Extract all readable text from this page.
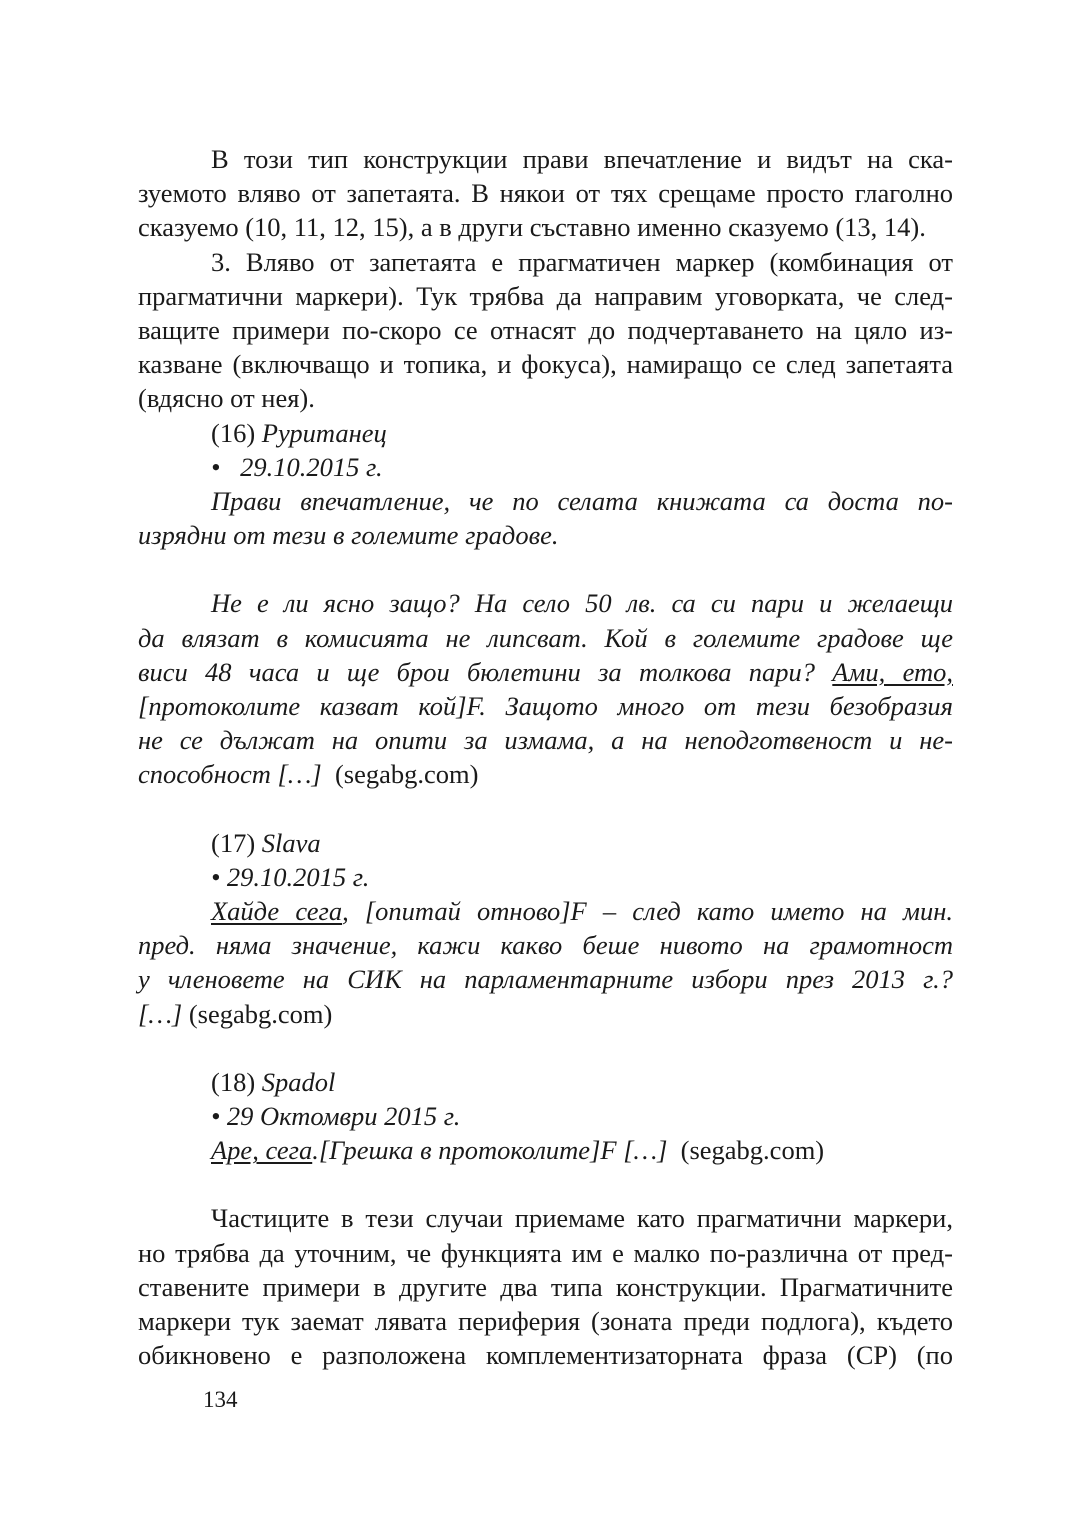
В този тип конструкции прави впечатление и видът на ска-
зуемото вляво от запетаята. В някои от тях срещаме просто глаголно
сказуемо (10, 11, 12, 15), а в други съставно именно сказуемо (13, 14).

3. Вляво от запетаята е прагматичен маркер (комбинация от
прагматични маркери). Тук трябва да направим уговорката, че след-
ващите примери по-скоро се отнасят до подчертаването на цяло из-
казване (включващо и топика, и фокуса), намиращо се след запетаята
(вдясно от нея).

(16) Руританец
•   29.10.2015 г.
Прави впечатление, че по селата книжата са доста по-
изрядни от тези в големите градове.
Не е ли ясно защо? На село 50 лв. са си пари и желаещи
да влязат в комисията не липсват. Кой в големите градове ще
виси 48 часа и ще брои бюлетини за толкова пари? Ами, ето,
[протоколите казват кой]F. Защото много от тези безобразия
не се дължат на опити за измама, а на неподготвеност и не-
способност […] (segabg.com)
(17) Slava
• 29.10.2015 г.
Хайде сега, [опитай отново]F – след като името на мин.
пред. няма значение, кажи какво беше нивото на грамотност
у членовете на СИК на парламентарните избори през 2013 г.?
[…] (segabg.com)
(18) Spadol
• 29 Октомври 2015 г.
Аре, сега.[Грешка в протоколите]F […] (segabg.com)

Частиците в тези случаи приемаме като прагматични маркери,
но трябва да уточним, че функцията им е малко по-различна от пред-
ставените примери в другите два типа конструкции. Прагматичните
маркери тук заемат лявата периферия (зоната преди подлога), където
обикновено е разположена комплементизаторната фраза (CP) (по

134
